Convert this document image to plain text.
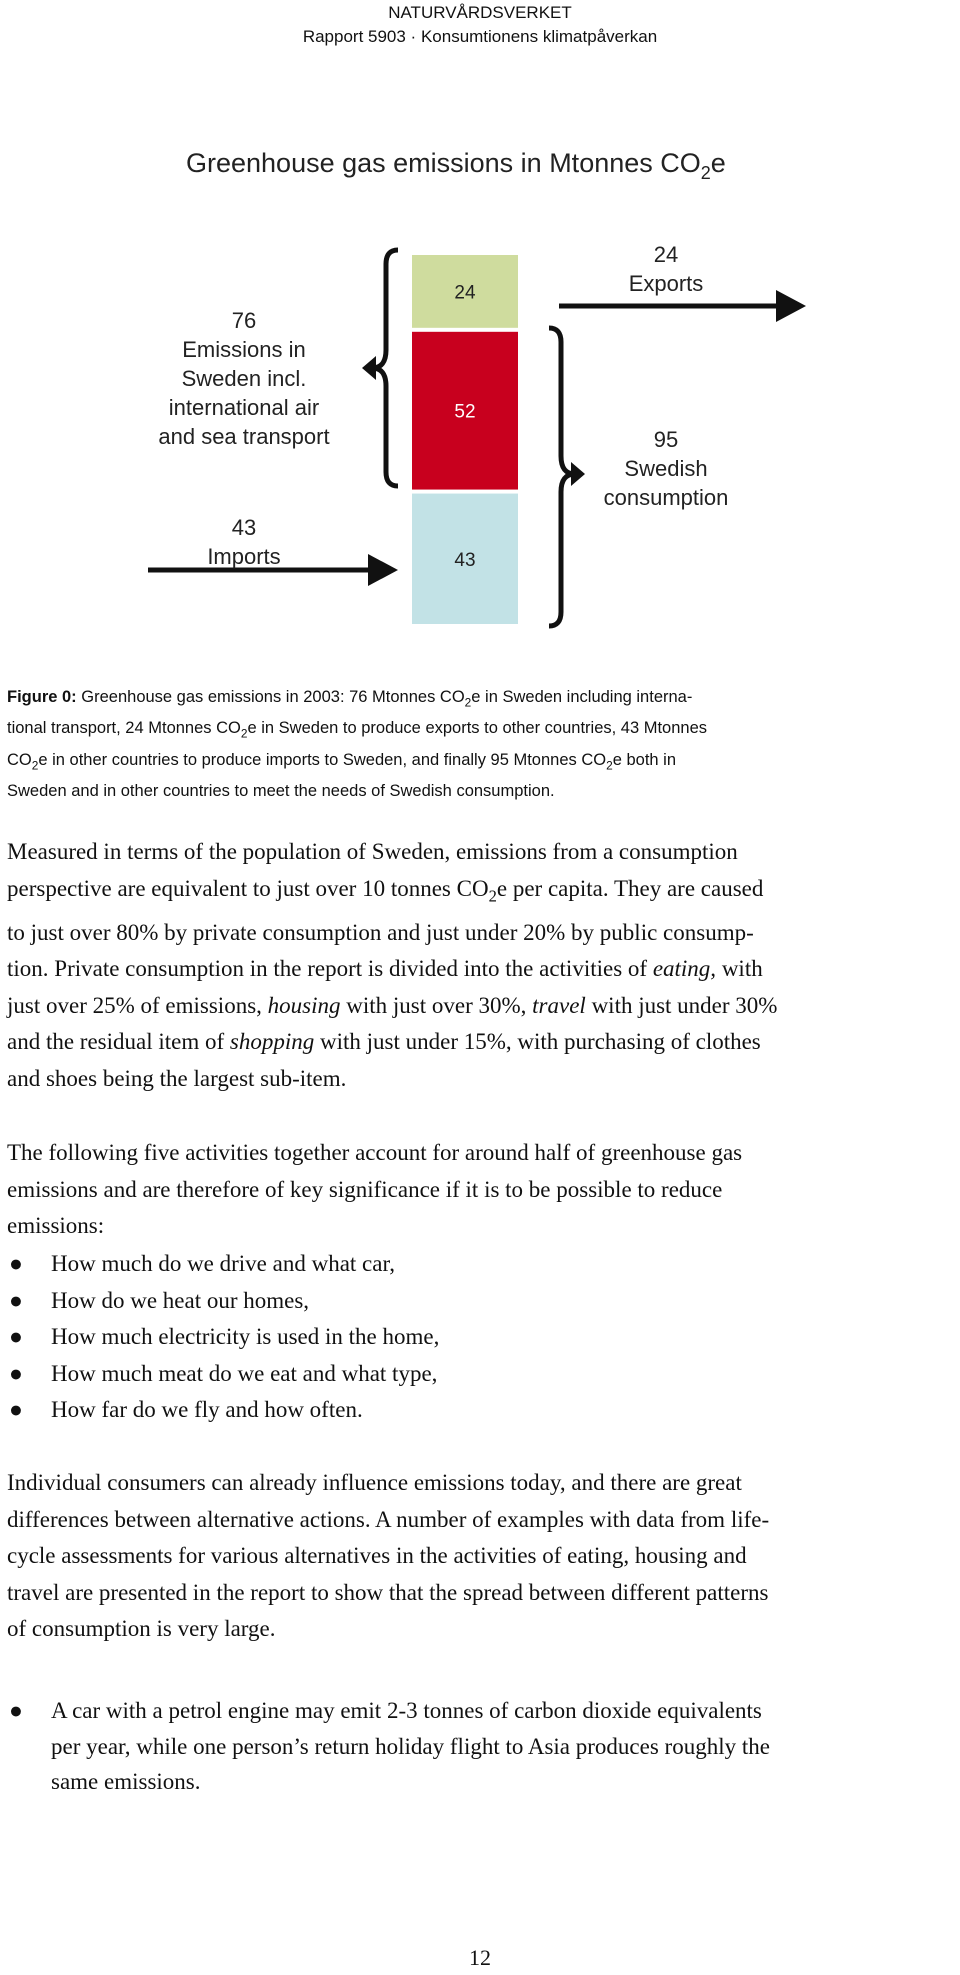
NATURVÅRDSVERKET
Rapport 5903 · Konsumtionens klimatpåverkan
Greenhouse gas emissions in Mtonnes $CO_2e$
24
52
43
76
Emissions in
Sweden incl.
international air
and sea transport
43
Imports
24
Exports
95
Swedish
consumption
Figure 0: Greenhouse gas emissions in 2003: 76 Mtonnes $CO_2e$ in Sweden including interna-
tional transport, 24 Mtonnes $CO_2e$ in Sweden to produce exports to other countries, 43 Mtonnes
$CO_2e$ in other countries to produce imports to Sweden, and finally 95 Mtonnes $CO_2e$ both in
Sweden and in other countries to meet the needs of Swedish consumption.
Measured in terms of the population of Sweden, emissions from a consumption
perspective are equivalent to just over 10 tonnes $CO_2e$ per capita. They are caused
to just over 80% by private consumption and just under 20% by public consump-
tion. Private consumption in the report is divided into the activities of eating, with
just over 25% of emissions, housing with just over 30%, travel with just under 30%
and the residual item of shopping with just under 15%, with purchasing of clothes
and shoes being the largest sub-item.
The following five activities together account for around half of greenhouse gas
emissions and are therefore of key significance if it is to be possible to reduce
emissions:
● How much do we drive and what car,
● How do we heat our homes,
● How much electricity is used in the home,
● How much meat do we eat and what type,
● How far do we fly and how often.
Individual consumers can already influence emissions today, and there are great
differences between alternative actions. A number of examples with data from life-
cycle assessments for various alternatives in the activities of eating, housing and
travel are presented in the report to show that the spread between different patterns
of consumption is very large.
● A car with a petrol engine may emit 2-3 tonnes of carbon dioxide equivalents
per year, while one person’s return holiday flight to Asia produces roughly the
same emissions.
12
